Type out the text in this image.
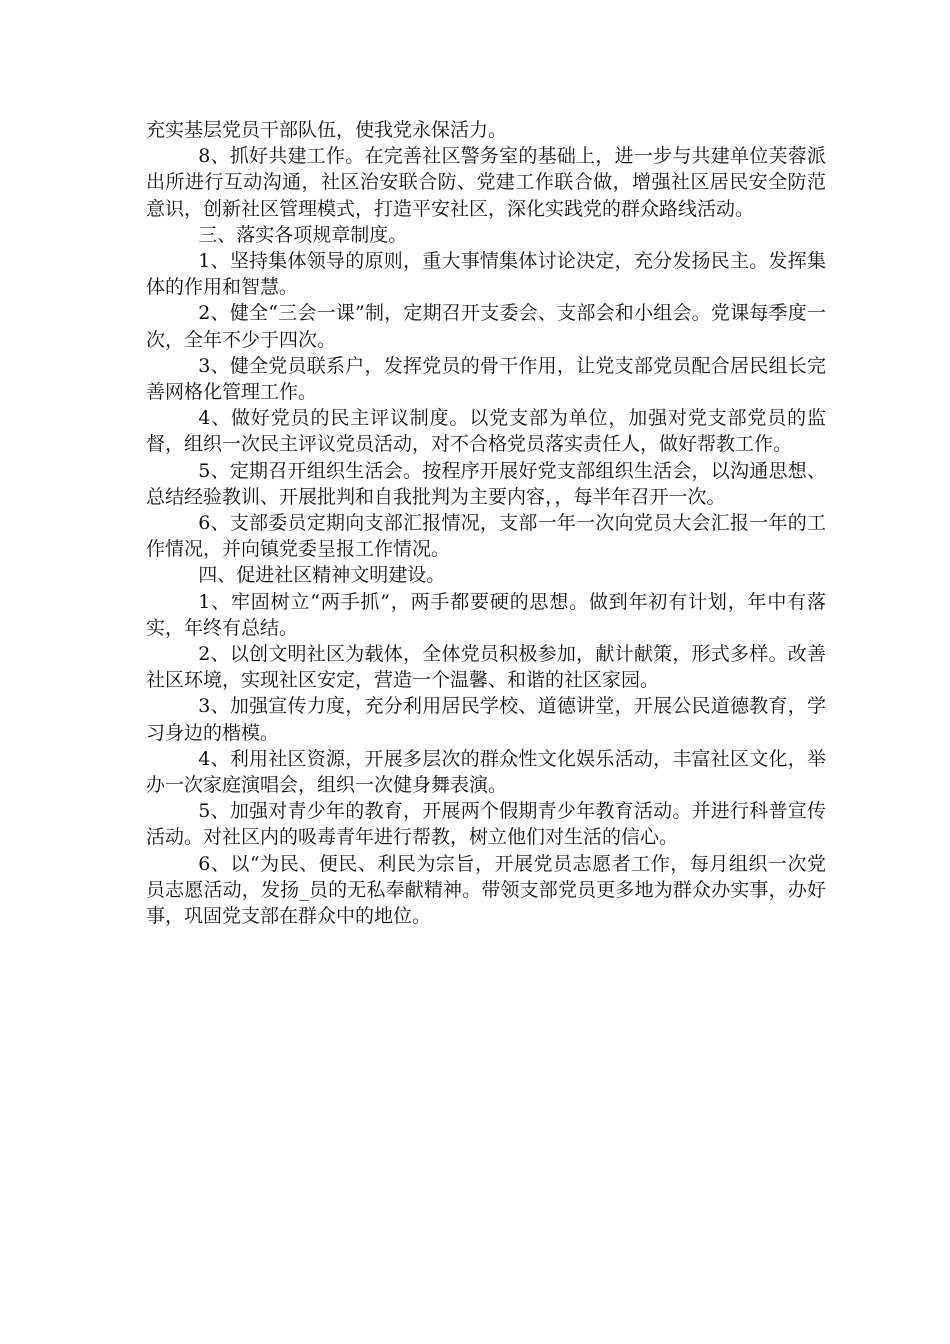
充实基层党员干部队伍，使我党永保活力。

8、抓好共建工作。在完善社区警务室的基础上，进一步与共建单位芙蓉派出所进行互动沟通，社区治安联合防、党建工作联合做，增强社区居民安全防范意识，创新社区管理模式，打造平安社区，深化实践党的群众路线活动。

三、落实各项规章制度。

1、坚持集体领导的原则，重大事情集体讨论决定，充分发扬民主。发挥集体的作用和智慧。

2、健全“三会一课”制，定期召开支委会、支部会和小组会。党课每季度一次，全年不少于四次。

3、健全党员联系户，发挥党员的骨干作用，让党支部党员配合居民组长完善网格化管理工作。

4、做好党员的民主评议制度。以党支部为单位，加强对党支部党员的监督，组织一次民主评议党员活动，对不合格党员落实责任人，做好帮教工作。

5、定期召开组织生活会。按程序开展好党支部组织生活会，以沟通思想、总结经验教训、开展批判和自我批判为主要内容，，每半年召开一次。

6、支部委员定期向支部汇报情况，支部一年一次向党员大会汇报一年的工作情况，并向镇党委呈报工作情况。

四、促进社区精神文明建设。

1、牢固树立“两手抓”，两手都要硬的思想。做到年初有计划，年中有落实，年终有总结。

2、以创文明社区为载体，全体党员积极参加，献计献策，形式多样。改善社区环境，实现社区安定，营造一个温馨、和谐的社区家园。

3、加强宣传力度，充分利用居民学校、道德讲堂，开展公民道德教育，学习身边的楷模。

4、利用社区资源，开展多层次的群众性文化娱乐活动，丰富社区文化，举办一次家庭演唱会，组织一次健身舞表演。

5、加强对青少年的教育，开展两个假期青少年教育活动。并进行科普宣传活动。对社区内的吸毒青年进行帮教，树立他们对生活的信心。

6、以“为民、便民、利民为宗旨，开展党员志愿者工作，每月组织一次党员志愿活动，发扬_员的无私奉献精神。带领支部党员更多地为群众办实事，办好事，巩固党支部在群众中的地位。
